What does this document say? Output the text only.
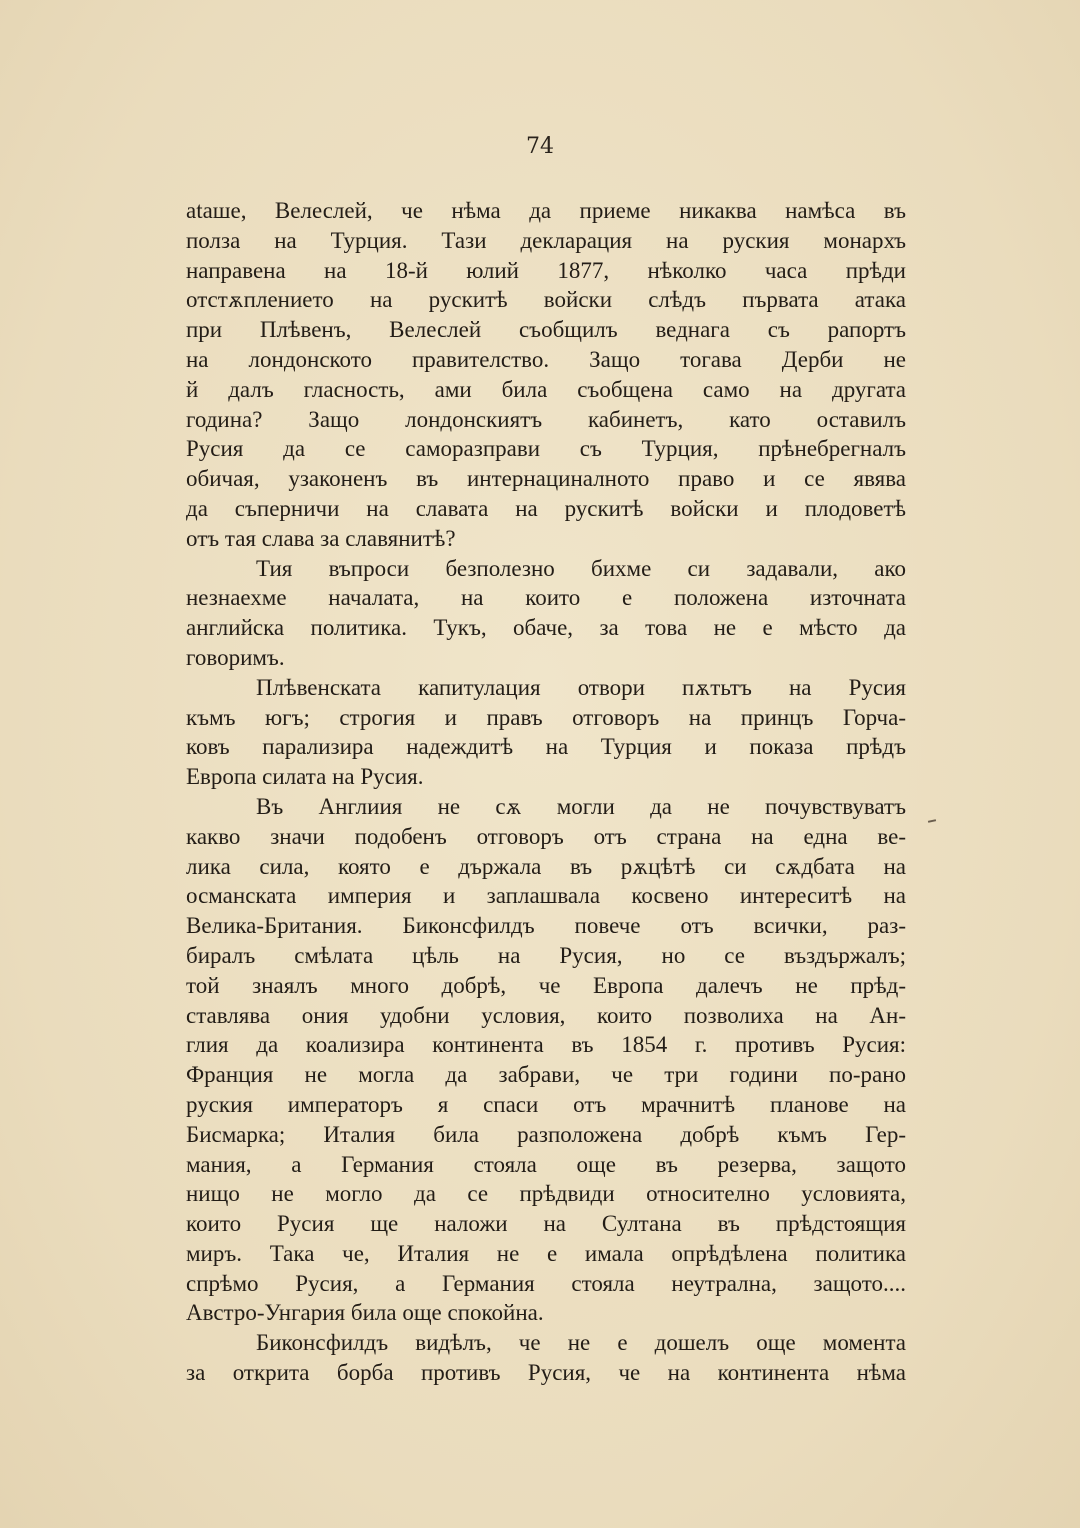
74
ataше, Велеслей, че нѣма да приеме никаква намѣса въ
полза на Турция. Тази декларация на руския монархъ
направена на 18-й юлий 1877, нѣколко часа прѣди
отстѫплението на рускитѣ войски слѣдъ първата атака
при Плѣвенъ, Велеслей съобщилъ веднага съ рапортъ
на лондонското правителство. Защо тогава Дерби не
й далъ гласность, ами била съобщена само на другата
година? Защо лондонскиятъ кабинетъ, като оставилъ
Русия да се саморазправи съ Турция, прѣнебрегналъ
обичая, узаконенъ въ интернациналното право и се явява
да съперничи на славата на рускитѣ войски и плодоветѣ
отъ тая слава за славянитѣ?
Тия въпроси безполезно бихме си задавали, ако
незнаехме началата, на които е положена източната
английска политика. Тукъ, обаче, за това не е мѣсто да
говоримъ.
Плѣвенската капитулация отвори пѫтьтъ на Русия
къмъ югъ; строгия и правъ отговоръ на принцъ Горча-
ковъ парализира надеждитѣ на Турция и показа прѣдъ
Европа силата на Русия.
Въ Англиия не сѫ могли да не почувствуватъ
какво значи подобенъ отговоръ отъ страна на една ве-
лика сила, която е държала въ рѫцѣтѣ си сѫдбата на
османската империя и заплашвала косвено интереситѣ на
Велика-Британия. Биконсфилдъ повече отъ всички, раз-
биралъ смѣлата цѣль на Русия, но се въздържалъ;
той знаялъ много добрѣ, че Европа далечъ не прѣд-
ставлява ония удобни условия, които позволиха на Ан-
глия да коализира континента въ 1854 г. противъ Русия:
Франция не могла да забрави, че три години по-рано
руския императоръ я спаси отъ мрачнитѣ планове на
Бисмарка; Италия била разположена добрѣ къмъ Гер-
мания, а Германия стояла още въ резерва, защото
нищо не могло да се прѣдвиди относително условията,
които Русия ще наложи на Султана въ прѣдстоящия
миръ. Така че, Италия не е имала опрѣдѣлена политика
спрѣмо Русия, а Германия стояла неутрална, защото....
Австро-Унгария била още спокойна.
Биконсфилдъ видѣлъ, че не е дошелъ още момента
за открита борба противъ Русия, че на континента нѣма
